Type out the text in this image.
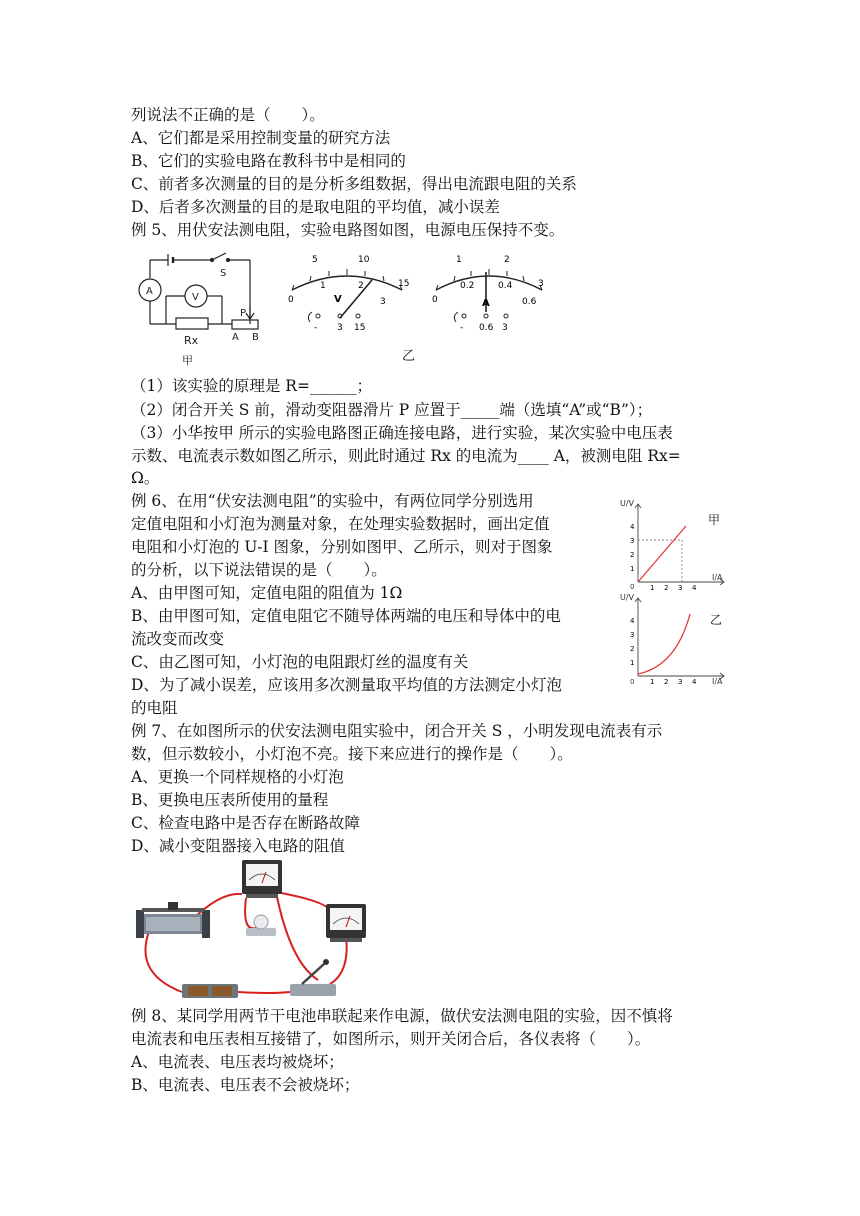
列说法不正确的是（　　）。
A、它们都是采用控制变量的研究方法
B、它们的实验电路在教科书中是相同的
C、前者多次测量的目的是分析多组数据，得出电流跟电阻的关系
D、后者多次测量的目的是取电阻的平均值，减小误差
例 5、用伏安法测电阻，实验电路图如图，电源电压保持不变。
A
V
S
Rx
P
A B
甲
5	10
15
0
1	2
3
V
- 3 15
1	2
3
0
0.2	0.4
0.6
A
- 0.6 3
乙
（1）该实验的原理是 R=______；
（2）闭合开关 S 前，滑动变阻器滑片 P 应置于_____端（选填“A”或“B”）；
（3）小华按甲 所示的实验电路图正确连接电路，进行实验，某次实验中电压表
示数、电流表示数如图乙所示，则此时通过 Rx 的电流为____ A，被测电阻 Rx=
Ω。
例 6、在用“伏安法测电阻”的实验中，有两位同学分别选用
定值电阻和小灯泡为测量对象，在处理实验数据时，画出定值
电阻和小灯泡的 U-I 图象，分别如图甲、乙所示，则对于图象
的分析，以下说法错误的是（　　）。
A、由甲图可知，定值电阻的阻值为 1Ω
B、由甲图可知，定值电阻它不随导体两端的电压和导体中的电
流改变而改变
C、由乙图可知，小灯泡的电阻跟灯丝的温度有关
D、为了减小误差，应该用多次测量取平均值的方法测定小灯泡
的电阻
U/V
I/A
甲
0 1 2 3 4
1
2
3
4
U/V
I/A
乙
0 1 2 3 4
1
2
3
4
例 7、在如图所示的伏安法测电阻实验中，闭合开关 S ，小明发现电流表有示
数，但示数较小，小灯泡不亮。接下来应进行的操作是（　　）。
A、更换一个同样规格的小灯泡
B、更换电压表所使用的量程
C、检查电路中是否存在断路故障
D、减小变阻器接入电路的阻值
例 8、某同学用两节干电池串联起来作电源，做伏安法测电阻的实验，因不慎将
电流表和电压表相互接错了，如图所示，则开关闭合后，各仪表将（　　）。
A、电流表、电压表均被烧坏；
B、电流表、电压表不会被烧坏；
